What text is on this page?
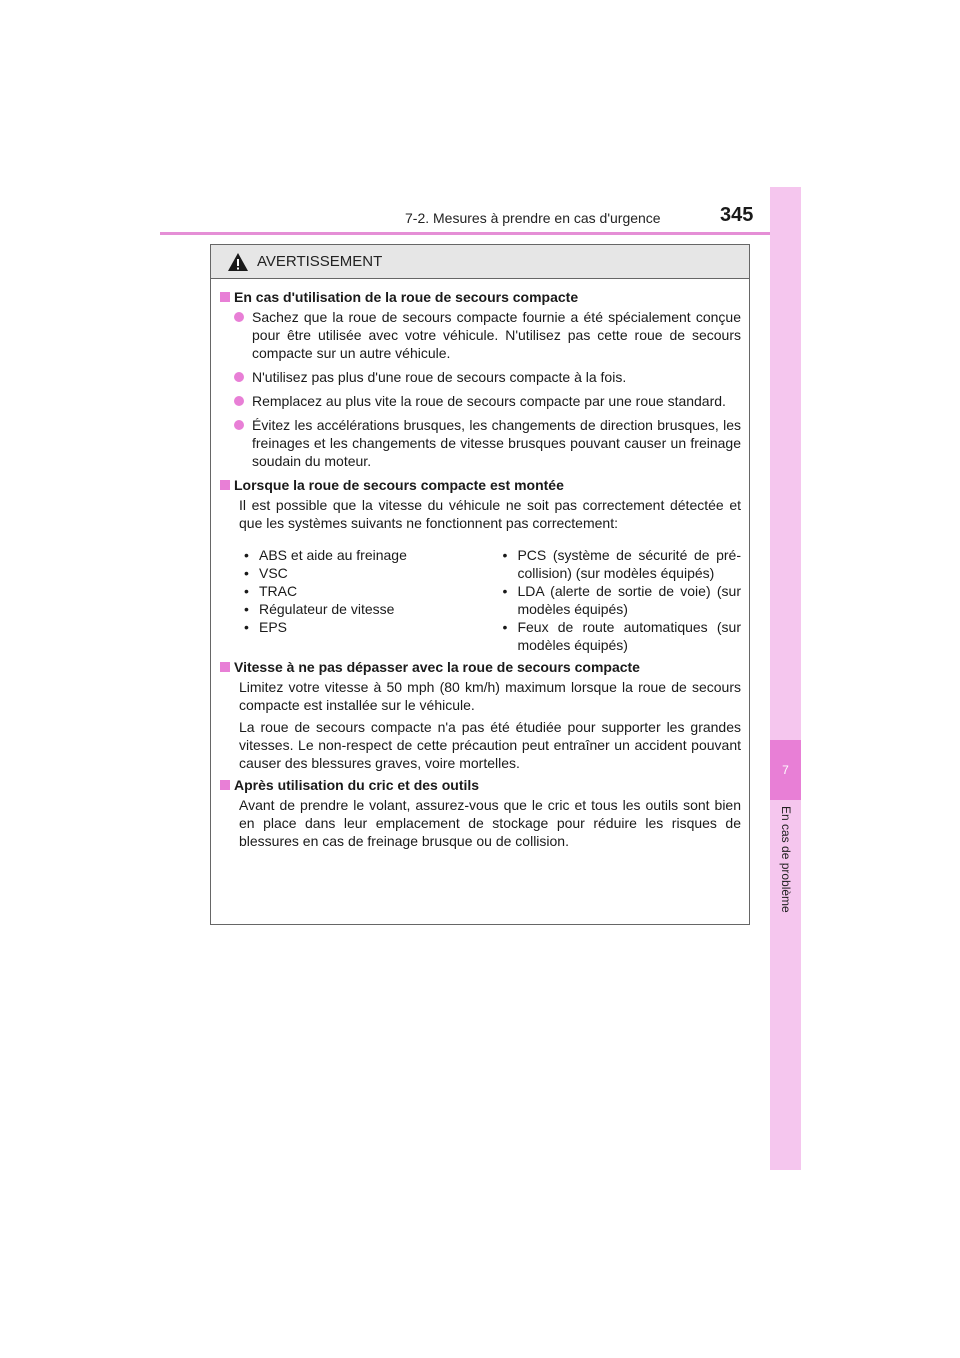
7-2. Mesures à prendre en cas d'urgence	345
7
En cas de problème
AVERTISSEMENT
En cas d'utilisation de la roue de secours compacte
Sachez que la roue de secours compacte fournie a été spécialement conçue pour être utilisée avec votre véhicule. N'utilisez pas cette roue de secours compacte sur un autre véhicule.
N'utilisez pas plus d'une roue de secours compacte à la fois.
Remplacez au plus vite la roue de secours compacte par une roue standard.
Évitez les accélérations brusques, les changements de direction brusques, les freinages et les changements de vitesse brusques pouvant causer un freinage soudain du moteur.
Lorsque la roue de secours compacte est montée
Il est possible que la vitesse du véhicule ne soit pas correctement détectée et que les systèmes suivants ne fonctionnent pas correctement:
• ABS et aide au freinage
• VSC
• TRAC
• Régulateur de vitesse
• EPS
• PCS (système de sécurité de pré-collision) (sur modèles équipés)
• LDA (alerte de sortie de voie) (sur modèles équipés)
• Feux de route automatiques (sur modèles équipés)
Vitesse à ne pas dépasser avec la roue de secours compacte
Limitez votre vitesse à 50 mph (80 km/h) maximum lorsque la roue de secours compacte est installée sur le véhicule.
La roue de secours compacte n'a pas été étudiée pour supporter les grandes vitesses. Le non-respect de cette précaution peut entraîner un accident pouvant causer des blessures graves, voire mortelles.
Après utilisation du cric et des outils
Avant de prendre le volant, assurez-vous que le cric et tous les outils sont bien en place dans leur emplacement de stockage pour réduire les risques de blessures en cas de freinage brusque ou de collision.
